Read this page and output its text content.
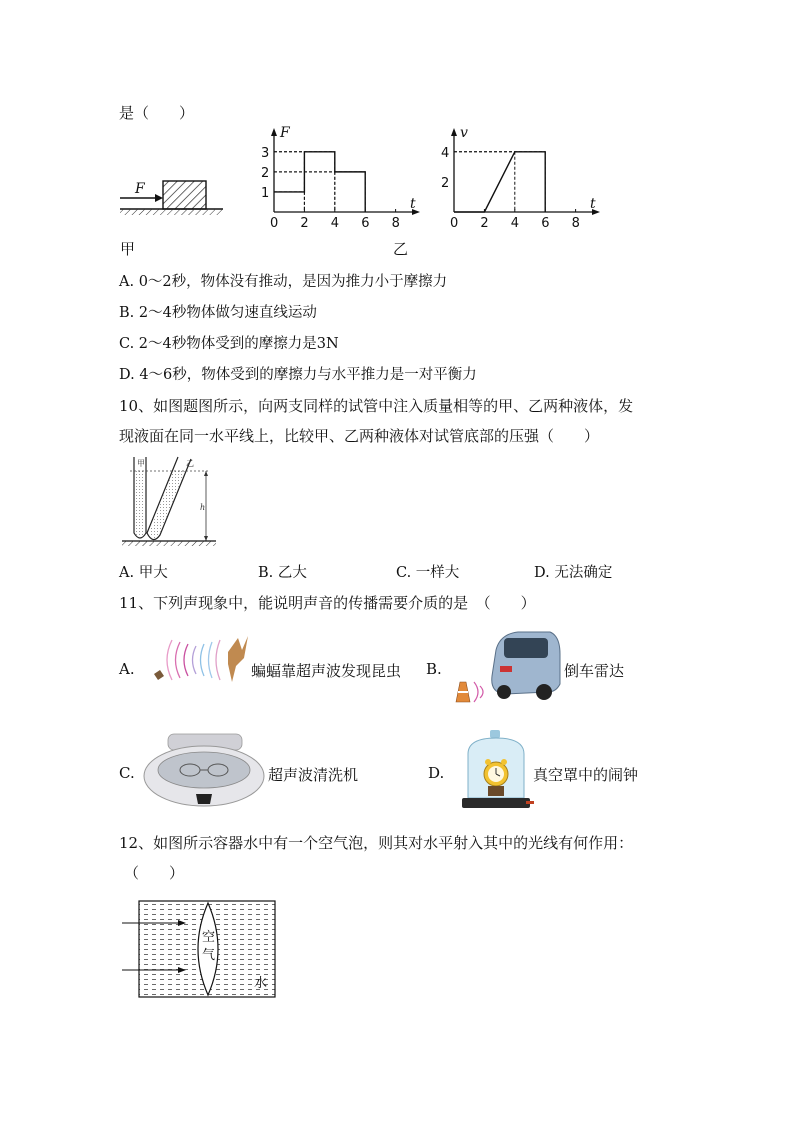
是（　　）
F
甲
F
t
0 2 4 6 8
1
2
3
v
t
0 2 4 6 8
2
4
乙
A. 0～2秒，物体没有推动，是因为推力小于摩擦力
B. 2～4秒物体做匀速直线运动
C. 2～4秒物体受到的摩擦力是3N
D. 4～6秒，物体受到的摩擦力与水平推力是一对平衡力
10、如图题图所示，向两支同样的试管中注入质量相等的甲、乙两种液体，发
现液面在同一水平线上，比较甲、乙两种液体对试管底部的压强（　　）
h
甲	乙
A. 甲大	B. 乙大	C. 一样大	D. 无法确定
11、下列声现象中，能说明声音的传播需要介质的是　（　　）
A.	蝙蝠靠超声波发现昆虫 B.	倒车雷达
C.	超声波清洗机	D.	真空罩中的闹钟
12、如图所示容器水中有一个空气泡，则其对水平射入其中的光线有何作用：
（　　）
空
气
水
